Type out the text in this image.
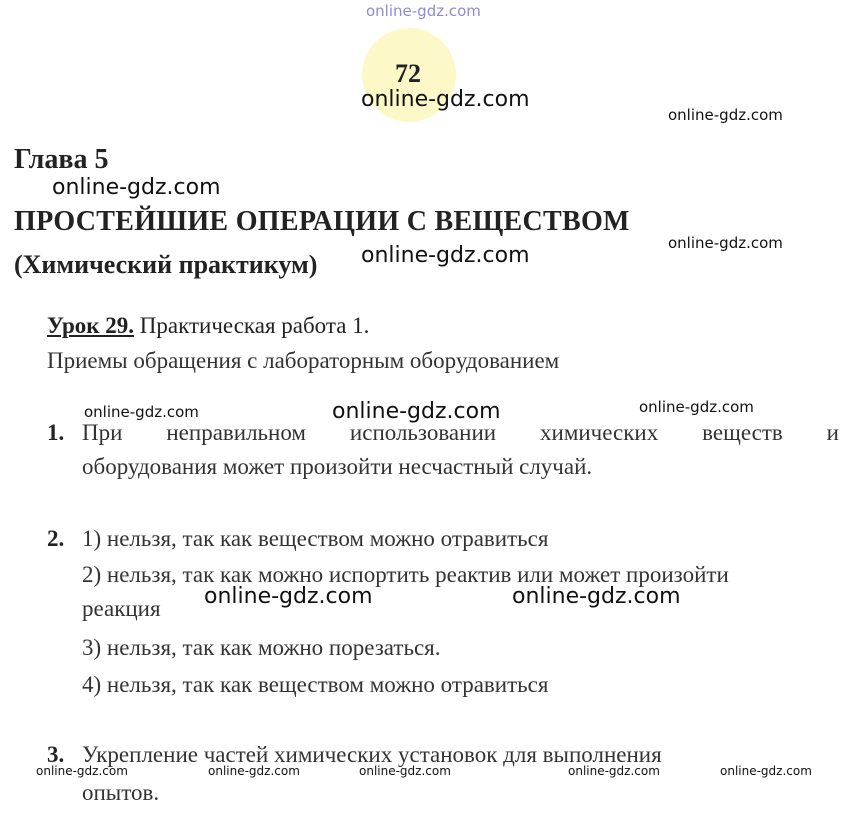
online-gdz.com
72
Глава 5
ПРОСТЕЙШИЕ ОПЕРАЦИИ С ВЕЩЕСТВОМ
(Химический практикум)
Урок 29. Практическая работа 1.
Приемы обращения с лабораторным оборудованием
1. При неправильном использовании химических веществ и
оборудования может произойти несчастный случай.
2. 1) нельзя, так как веществом можно отравиться
2) нельзя, так как можно испортить реактив или может произойти
реакция
3) нельзя, так как можно порезаться.
4) нельзя, так как веществом можно отравиться
3. Укрепление частей химических установок для выполнения
опытов.
online-gdz.com
online-gdz.com
online-gdz.com
online-gdz.com
online-gdz.com
online-gdz.com	online-gdz.com	online-gdz.com
online-gdz.com	online-gdz.com
online-gdz.com	online-gdz.com	online-gdz.com	online-gdz.com	online-gdz.com
